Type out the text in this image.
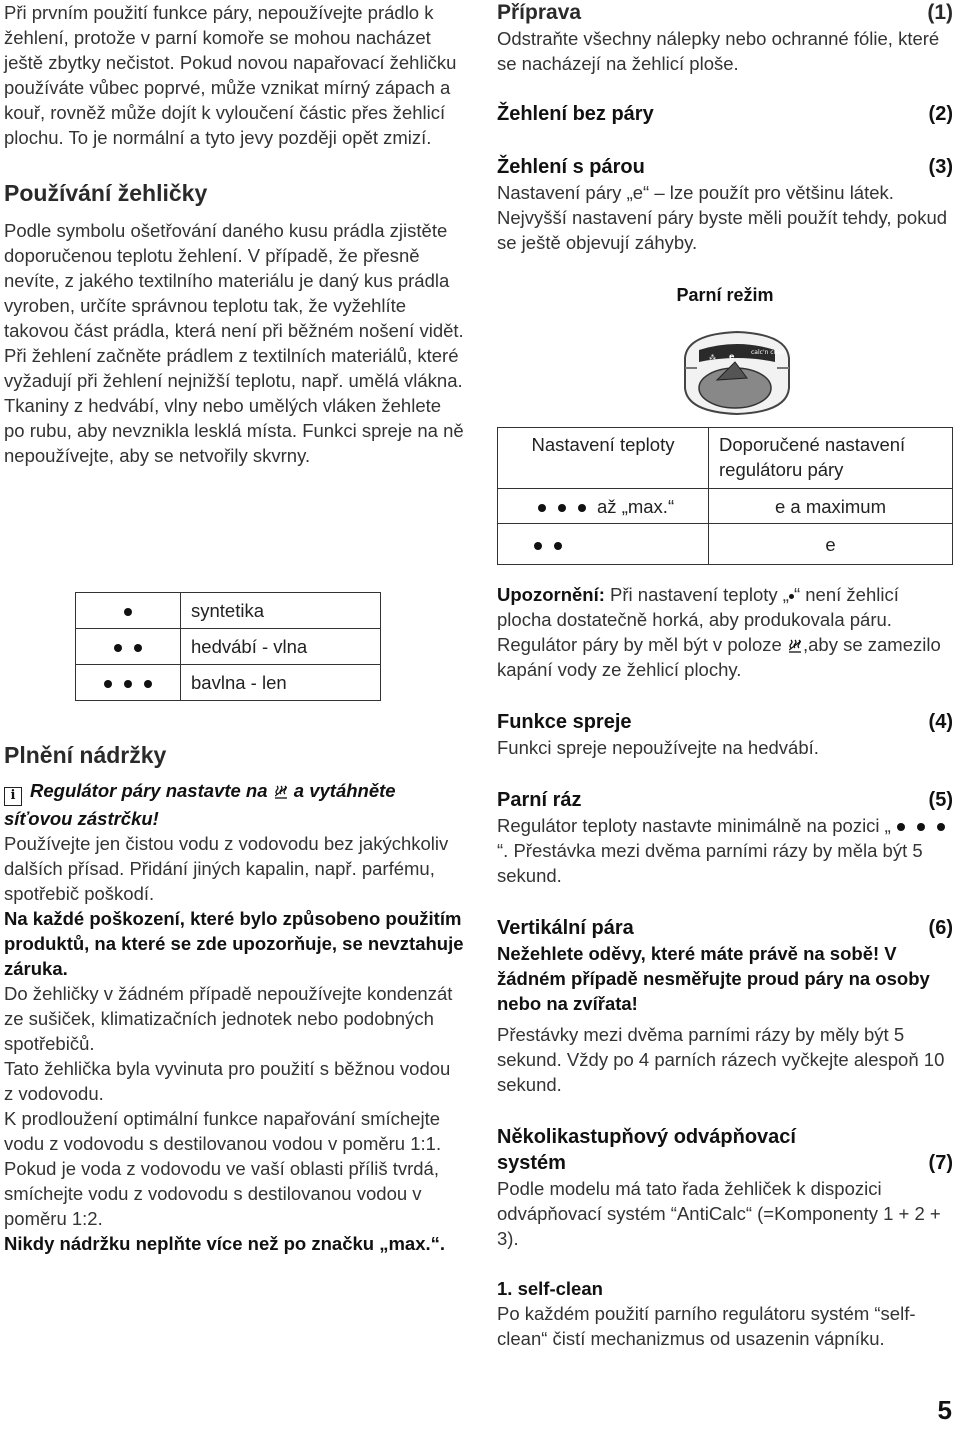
Při prvním použití funkce páry, nepoužívejte prádlo k žehlení, protože v parní komoře se mohou nacházet ještě zbytky nečistot. Pokud novou napařovací žehličku používáte vůbec poprvé, může vznikat mírný zápach a kouř, rovněž může dojít k vyloučení částic přes žehlicí plochu. To je normální a tyto jevy později opět zmizí.

Používání žehličky

Podle symbolu ošetřování daného kusu prádla zjistěte doporučenou teplotu žehlení. V případě, že přesně nevíte, z jakého textilního materiálu je daný kus prádla vyroben, určíte správnou teplotu tak, že vyžehlíte takovou část prádla, která není při běžném nošení vidět.

Při žehlení začněte prádlem z textilních materiálů, které vyžadují při žehlení nejnižší teplotu, např. umělá vlákna. Tkaniny z hedvábí, vlny nebo umělých vláken žehlete po rubu, aby nevznikla lesklá místa. Funkci spreje na ně nepoužívejte, aby se netvořily skvrny.

	syntetika
	hedvábí - vlna
	bavlna - len

Plnění nádržky

i Regulátor páry nastavte na a vytáhněte síťovou zástrčku!

Používejte jen čistou vodu z vodovodu bez jakýchkoliv dalších přísad. Přidání jiných kapalin, např. parfému, spotřebič poškodí.

Na každé poškození, které bylo způsobeno použitím produktů, na které se zde upozorňuje, se nevztahuje záruka.

Do žehličky v žádném případě nepoužívejte kondenzát ze sušiček, klimatizačních jednotek nebo podobných spotřebičů.

Tato žehlička byla vyvinuta pro použití s běžnou vodou z vodovodu.

K prodloužení optimální funkce napařování smíchejte vodu z vodovodu s destilovanou vodou v poměru 1:1. Pokud je voda z vodovodu ve vaší oblasti příliš tvrdá, smíchejte vodu z vodovodu s destilovanou vodou v poměru 1:2.

Nikdy nádržku neplňte více než po značku „max.“.

Příprava	(1)

Odstraňte všechny nálepky nebo ochranné fólie, které se nacházejí na žehlicí ploše.

Žehlení bez páry	(2)
Žehlení s párou	(3)

Nastavení páry „e“ – lze použít pro většinu látek. Nejvyšší nastavení páry byste měli použít tehdy, pokud se ještě objevují záhyby.

Parní režim

⁂ e	calc'n clean
Nastavení teploty	Doporučené nastavení regulátoru páry
až „max.“	e a maximum
	e

Upozornění: Při nastavení teploty „ “ není žehlicí plocha dostatečně horká, aby produkovala páru. Regulátor páry by měl být v poloze ,aby se zamezilo kapání vody ze žehlicí plochy.

Funkce spreje	(4)

Funkci spreje nepoužívejte na hedvábí.

Parní ráz	(5)

Regulátor teploty nastavte minimálně na pozici „“. Přestávka mezi dvěma parními rázy by měla být 5 sekund.

Vertikální pára	(6)

Nežehlete oděvy, které máte právě na sobě! V žádném případě nesměřujte proud páry na osoby nebo na zvířata!

Přestávky mezi dvěma parními rázy by měly být 5 sekund. Vždy po 4 parních rázech vyčkejte alespoň 10 sekund.

Několikastupňový odvápňovací

systém	(7)

Podle modelu má tato řada žehliček k dispozici odvápňovací systém “AntiCalc“ (=Komponenty 1 + 2 + 3).

1. self-clean

Po každém použití parního regulátoru systém “self-clean“ čistí mechanizmus od usazenin vápníku.

5
